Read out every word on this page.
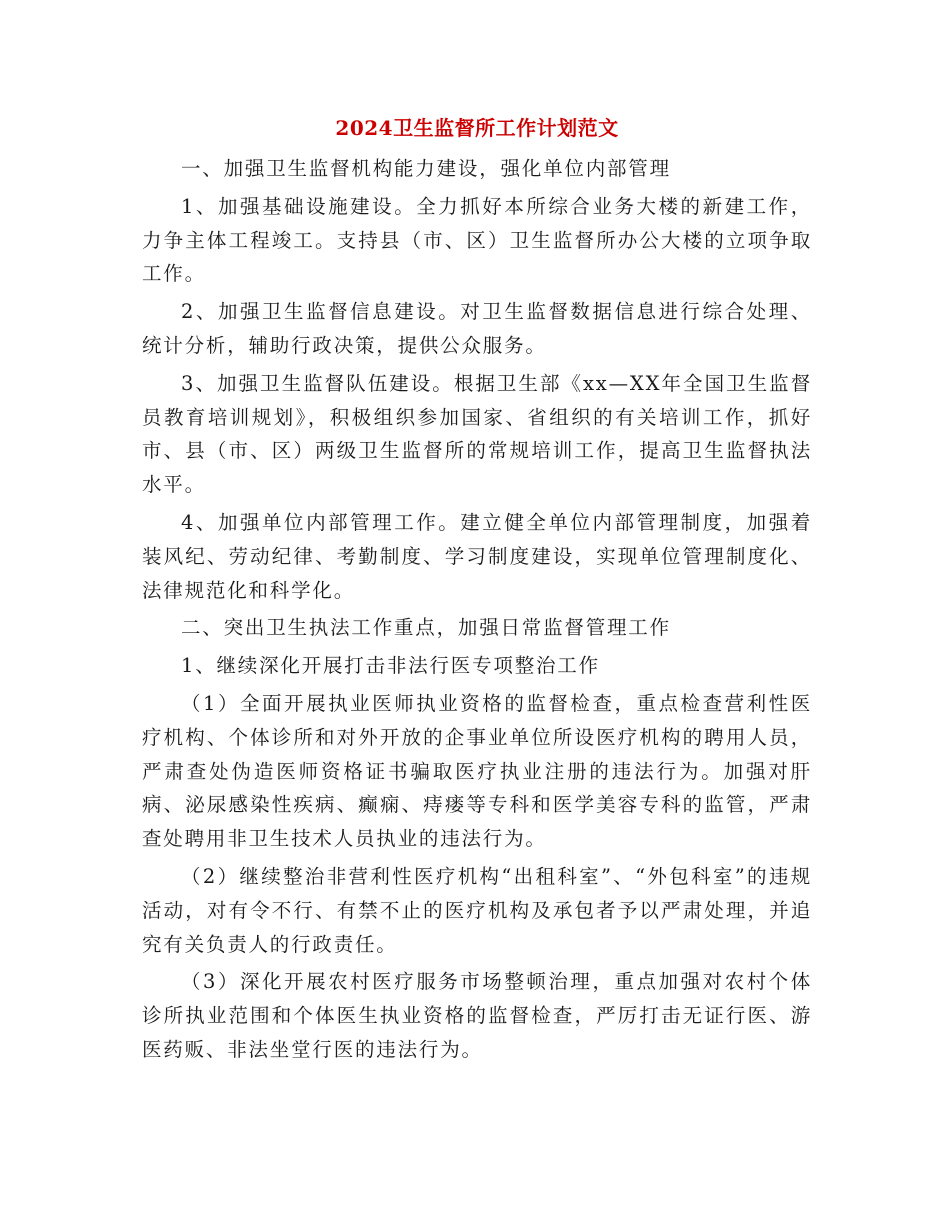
2024卫生监督所工作计划范文

一、加强卫生监督机构能力建设，强化单位内部管理

1、加强基础设施建设。全力抓好本所综合业务大楼的新建工作，力争主体工程竣工。支持县（市、区）卫生监督所办公大楼的立项争取工作。

2、加强卫生监督信息建设。对卫生监督数据信息进行综合处理、统计分析，辅助行政决策，提供公众服务。

3、加强卫生监督队伍建设。根据卫生部《xx—XX年全国卫生监督员教育培训规划》，积极组织参加国家、省组织的有关培训工作，抓好市、县（市、区）两级卫生监督所的常规培训工作，提高卫生监督执法水平。

4、加强单位内部管理工作。建立健全单位内部管理制度，加强着装风纪、劳动纪律、考勤制度、学习制度建设，实现单位管理制度化、法律规范化和科学化。

二、突出卫生执法工作重点，加强日常监督管理工作

1、继续深化开展打击非法行医专项整治工作

（1）全面开展执业医师执业资格的监督检查，重点检查营利性医疗机构、个体诊所和对外开放的企事业单位所设医疗机构的聘用人员，严肃查处伪造医师资格证书骗取医疗执业注册的违法行为。加强对肝病、泌尿感染性疾病、癫痫、痔瘘等专科和医学美容专科的监管，严肃查处聘用非卫生技术人员执业的违法行为。

（2）继续整治非营利性医疗机构“出租科室”、“外包科室”的违规活动，对有令不行、有禁不止的医疗机构及承包者予以严肃处理，并追究有关负责人的行政责任。

（3）深化开展农村医疗服务市场整顿治理，重点加强对农村个体诊所执业范围和个体医生执业资格的监督检查，严厉打击无证行医、游医药贩、非法坐堂行医的违法行为。
